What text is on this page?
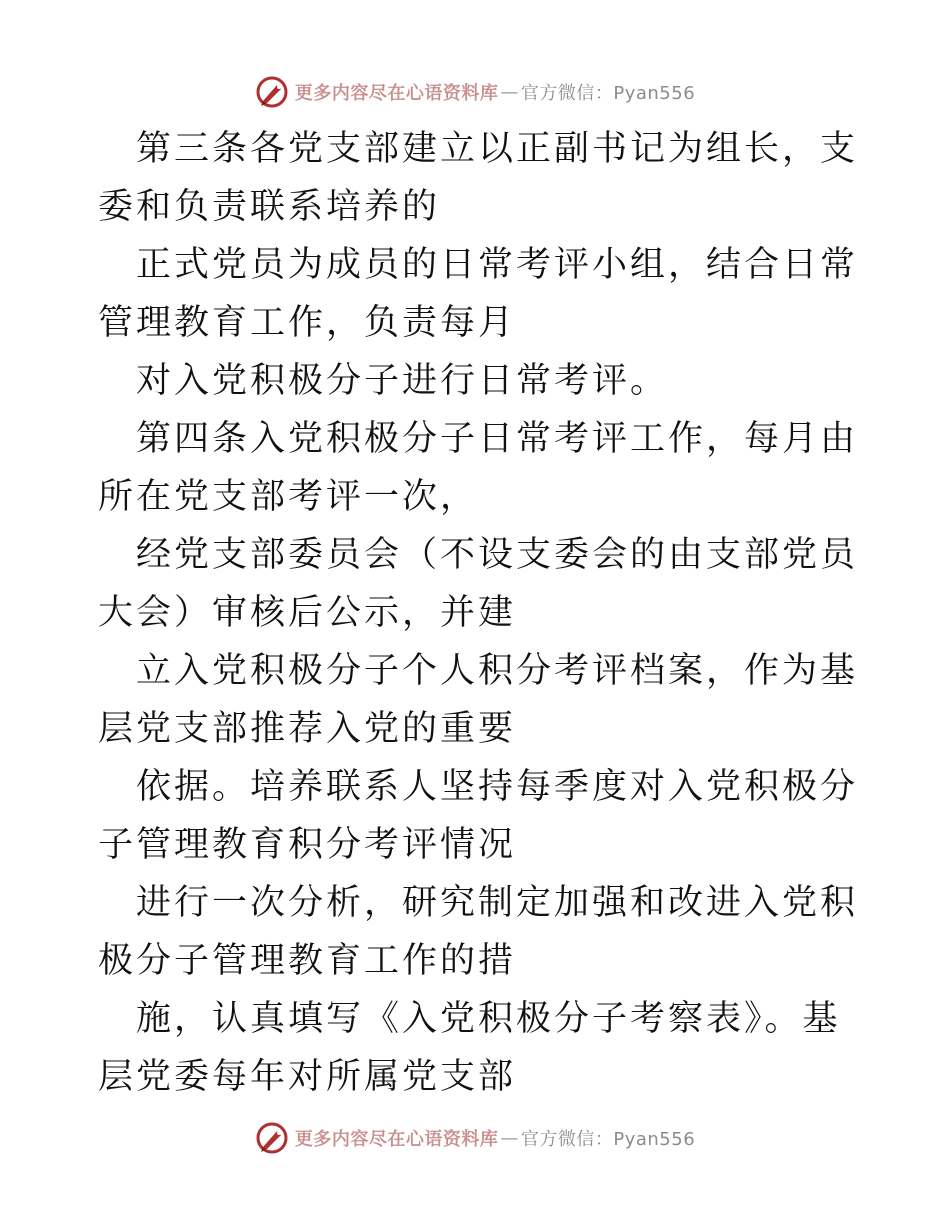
更多内容尽在心语资料库 — 官方微信：Pyan556

第三条各党支部建立以正副书记为组长，支委和负责联系培养的

正式党员为成员的日常考评小组，结合日常管理教育工作，负责每月

对入党积极分子进行日常考评。

第四条入党积极分子日常考评工作，每月由所在党支部考评一次，

经党支部委员会（不设支委会的由支部党员大会）审核后公示，并建

立入党积极分子个人积分考评档案，作为基层党支部推荐入党的重要

依据。培养联系人坚持每季度对入党积极分子管理教育积分考评情况

进行一次分析，研究制定加强和改进入党积极分子管理教育工作的措

施，认真填写《入党积极分子考察表》。基层党委每年对所属党支部

更多内容尽在心语资料库 — 官方微信：Pyan556
